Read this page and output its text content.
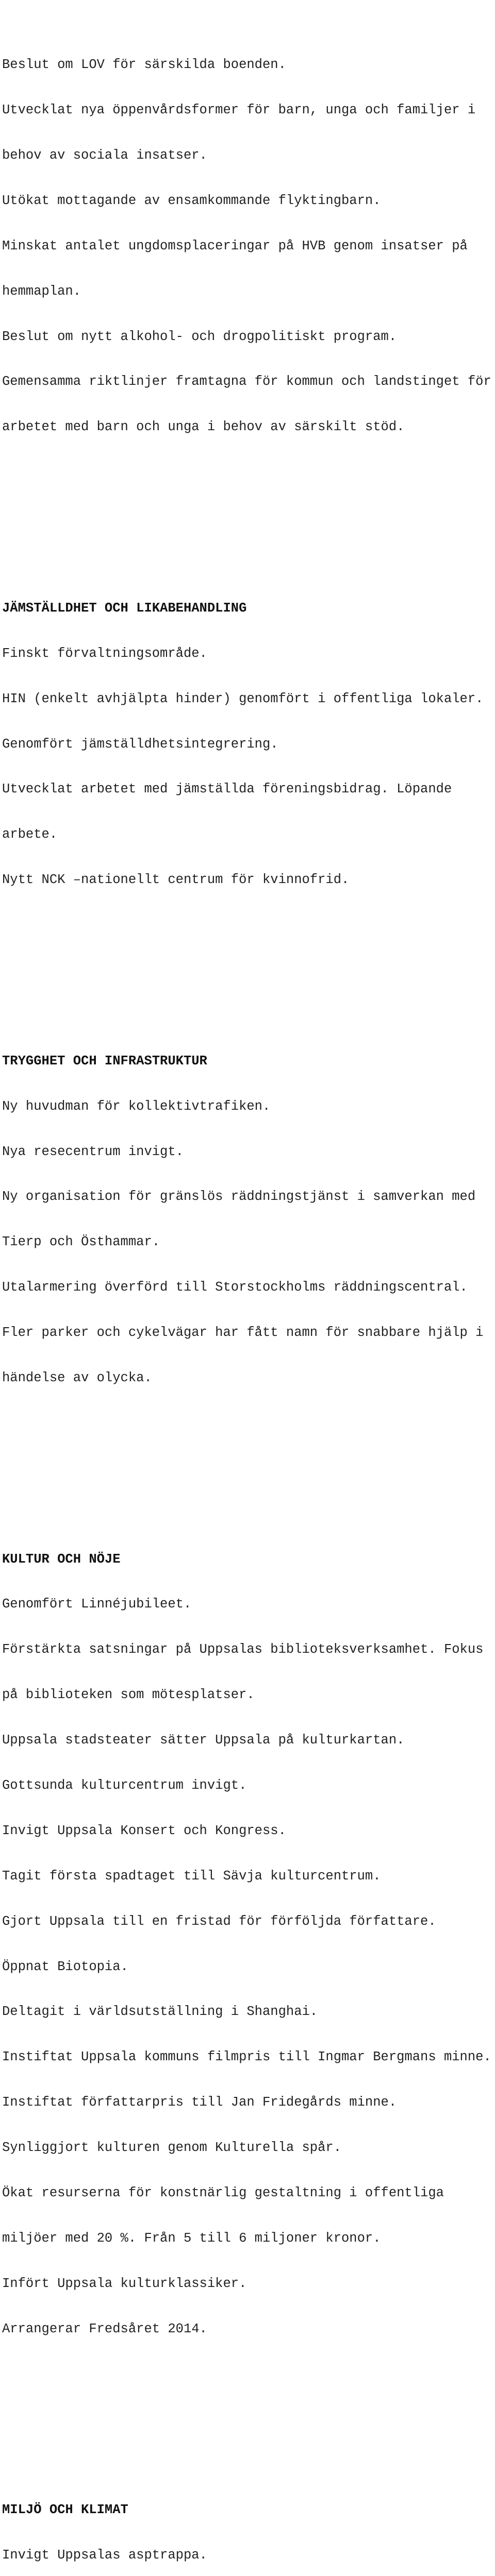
Beslut om LOV för särskilda boenden.

Utvecklat nya öppenvårdsformer för barn, unga och familjer i

behov av sociala insatser.

Utökat mottagande av ensamkommande flyktingbarn.

Minskat antalet ungdomsplaceringar på HVB genom insatser på

hemmaplan.

Beslut om nytt alkohol- och drogpolitiskt program.

Gemensamma riktlinjer framtagna för kommun och landstinget för

arbetet med barn och unga i behov av särskilt stöd.

JÄMSTÄLLDHET OCH LIKABEHANDLING

Finskt förvaltningsområde.

HIN (enkelt avhjälpta hinder) genomfört i offentliga lokaler.

Genomfört jämställdhetsintegrering.

Utvecklat arbetet med jämställda föreningsbidrag. Löpande

arbete.

Nytt NCK –nationellt centrum för kvinnofrid.

TRYGGHET OCH INFRASTRUKTUR

Ny huvudman för kollektivtrafiken.

Nya resecentrum invigt.

Ny organisation för gränslös räddningstjänst i samverkan med

Tierp och Östhammar.

Utalarmering överförd till Storstockholms räddningscentral.

Fler parker och cykelvägar har fått namn för snabbare hjälp i

händelse av olycka.

KULTUR OCH NÖJE

Genomfört Linnéjubileet.

Förstärkta satsningar på Uppsalas biblioteksverksamhet. Fokus

på biblioteken som mötesplatser.

Uppsala stadsteater sätter Uppsala på kulturkartan.

Gottsunda kulturcentrum invigt.

Invigt Uppsala Konsert och Kongress.

Tagit första spadtaget till Sävja kulturcentrum.

Gjort Uppsala till en fristad för förföljda författare.

Öppnat Biotopia.

Deltagit i världsutställning i Shanghai.

Instiftat Uppsala kommuns filmpris till Ingmar Bergmans minne.

Instiftat författarpris till Jan Fridegårds minne.

Synliggjort kulturen genom Kulturella spår.

Ökat resurserna för konstnärlig gestaltning i offentliga

miljöer med 20 %. Från 5 till 6 miljoner kronor.

Infört Uppsala kulturklassiker.

Arrangerar Fredsåret 2014.

MILJÖ OCH KLIMAT

Invigt Uppsalas asptrappa.
